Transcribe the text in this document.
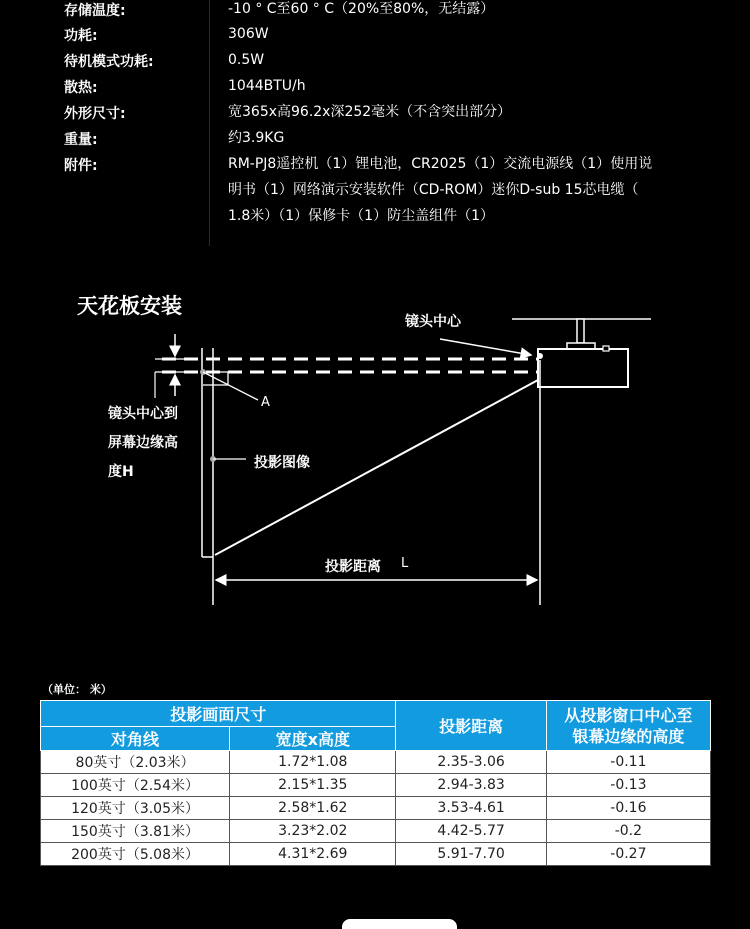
存储温度:	-10 ° C至60 ° C（20%至80%，无结露）
功耗:	306W
待机模式功耗:	0.5W
散热:	1044BTU/h
外形尺寸:	宽365x高96.2x深252毫米（不含突出部分）
重量:	约3.9KG
附件:	RM-PJ8遥控机（1）锂电池，CR2025（1）交流电源线（1）使用说
明书（1）网络演示安装软件（CD-ROM）迷你D-sub 15芯电缆（
1.8米）（1）保修卡（1）防尘盖组件（1）
天花板安装
镜头中心
镜头中心到
屏幕边缘高
度H
A
投影图像
投影距离 L
（单位： 米）
投影画面尺寸		投影距离	从投影窗口中心至
银幕边缘的高度

对角线	宽度x高度		
80英寸（2.03米）	1.72*1.08	2.35-3.06	-0.11
100英寸（2.54米）	2.15*1.35	2.94-3.83	-0.13
120英寸（3.05米）	2.58*1.62	3.53-4.61	-0.16
150英寸（3.81米）	3.23*2.02	4.42-5.77	-0.2
200英寸（5.08米）	4.31*2.69	5.91-7.70	-0.27
